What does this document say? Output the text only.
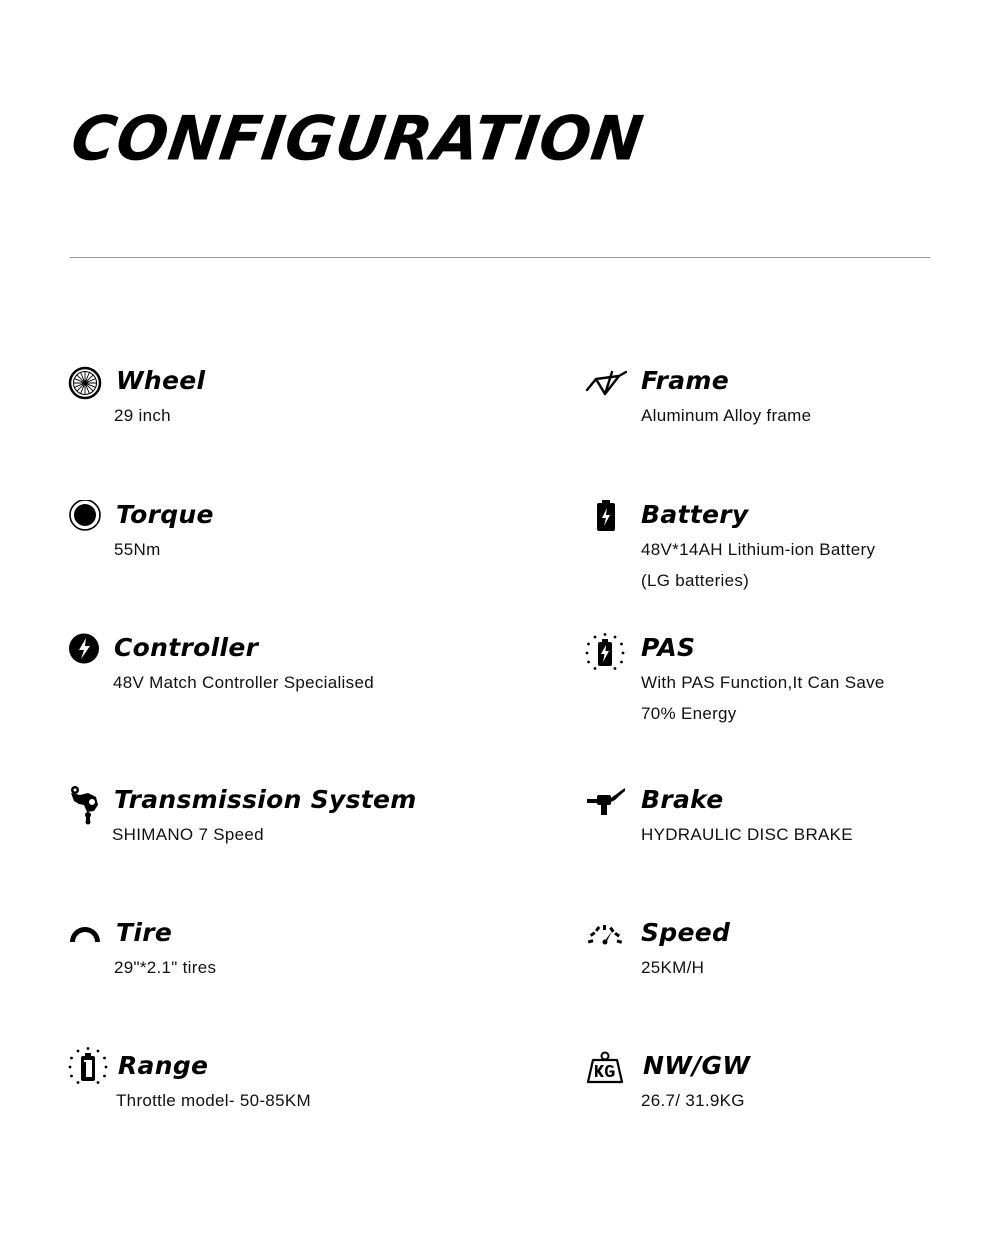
CONFIGURATION
Wheel
29 inch
Frame
Aluminum Alloy frame
Torque
55Nm
Battery
48V*14AH Lithium-ion Battery
(LG batteries)
Controller
48V Match Controller Specialised
PAS
With PAS Function,It Can Save
70% Energy
Transmission System
SHIMANO 7 Speed
Brake
HYDRAULIC DISC BRAKE
Tire
29"*2.1" tires
Speed
25KM/H
Range
Throttle model- 50-85KM
NW/GW
26.7/ 31.9KG
